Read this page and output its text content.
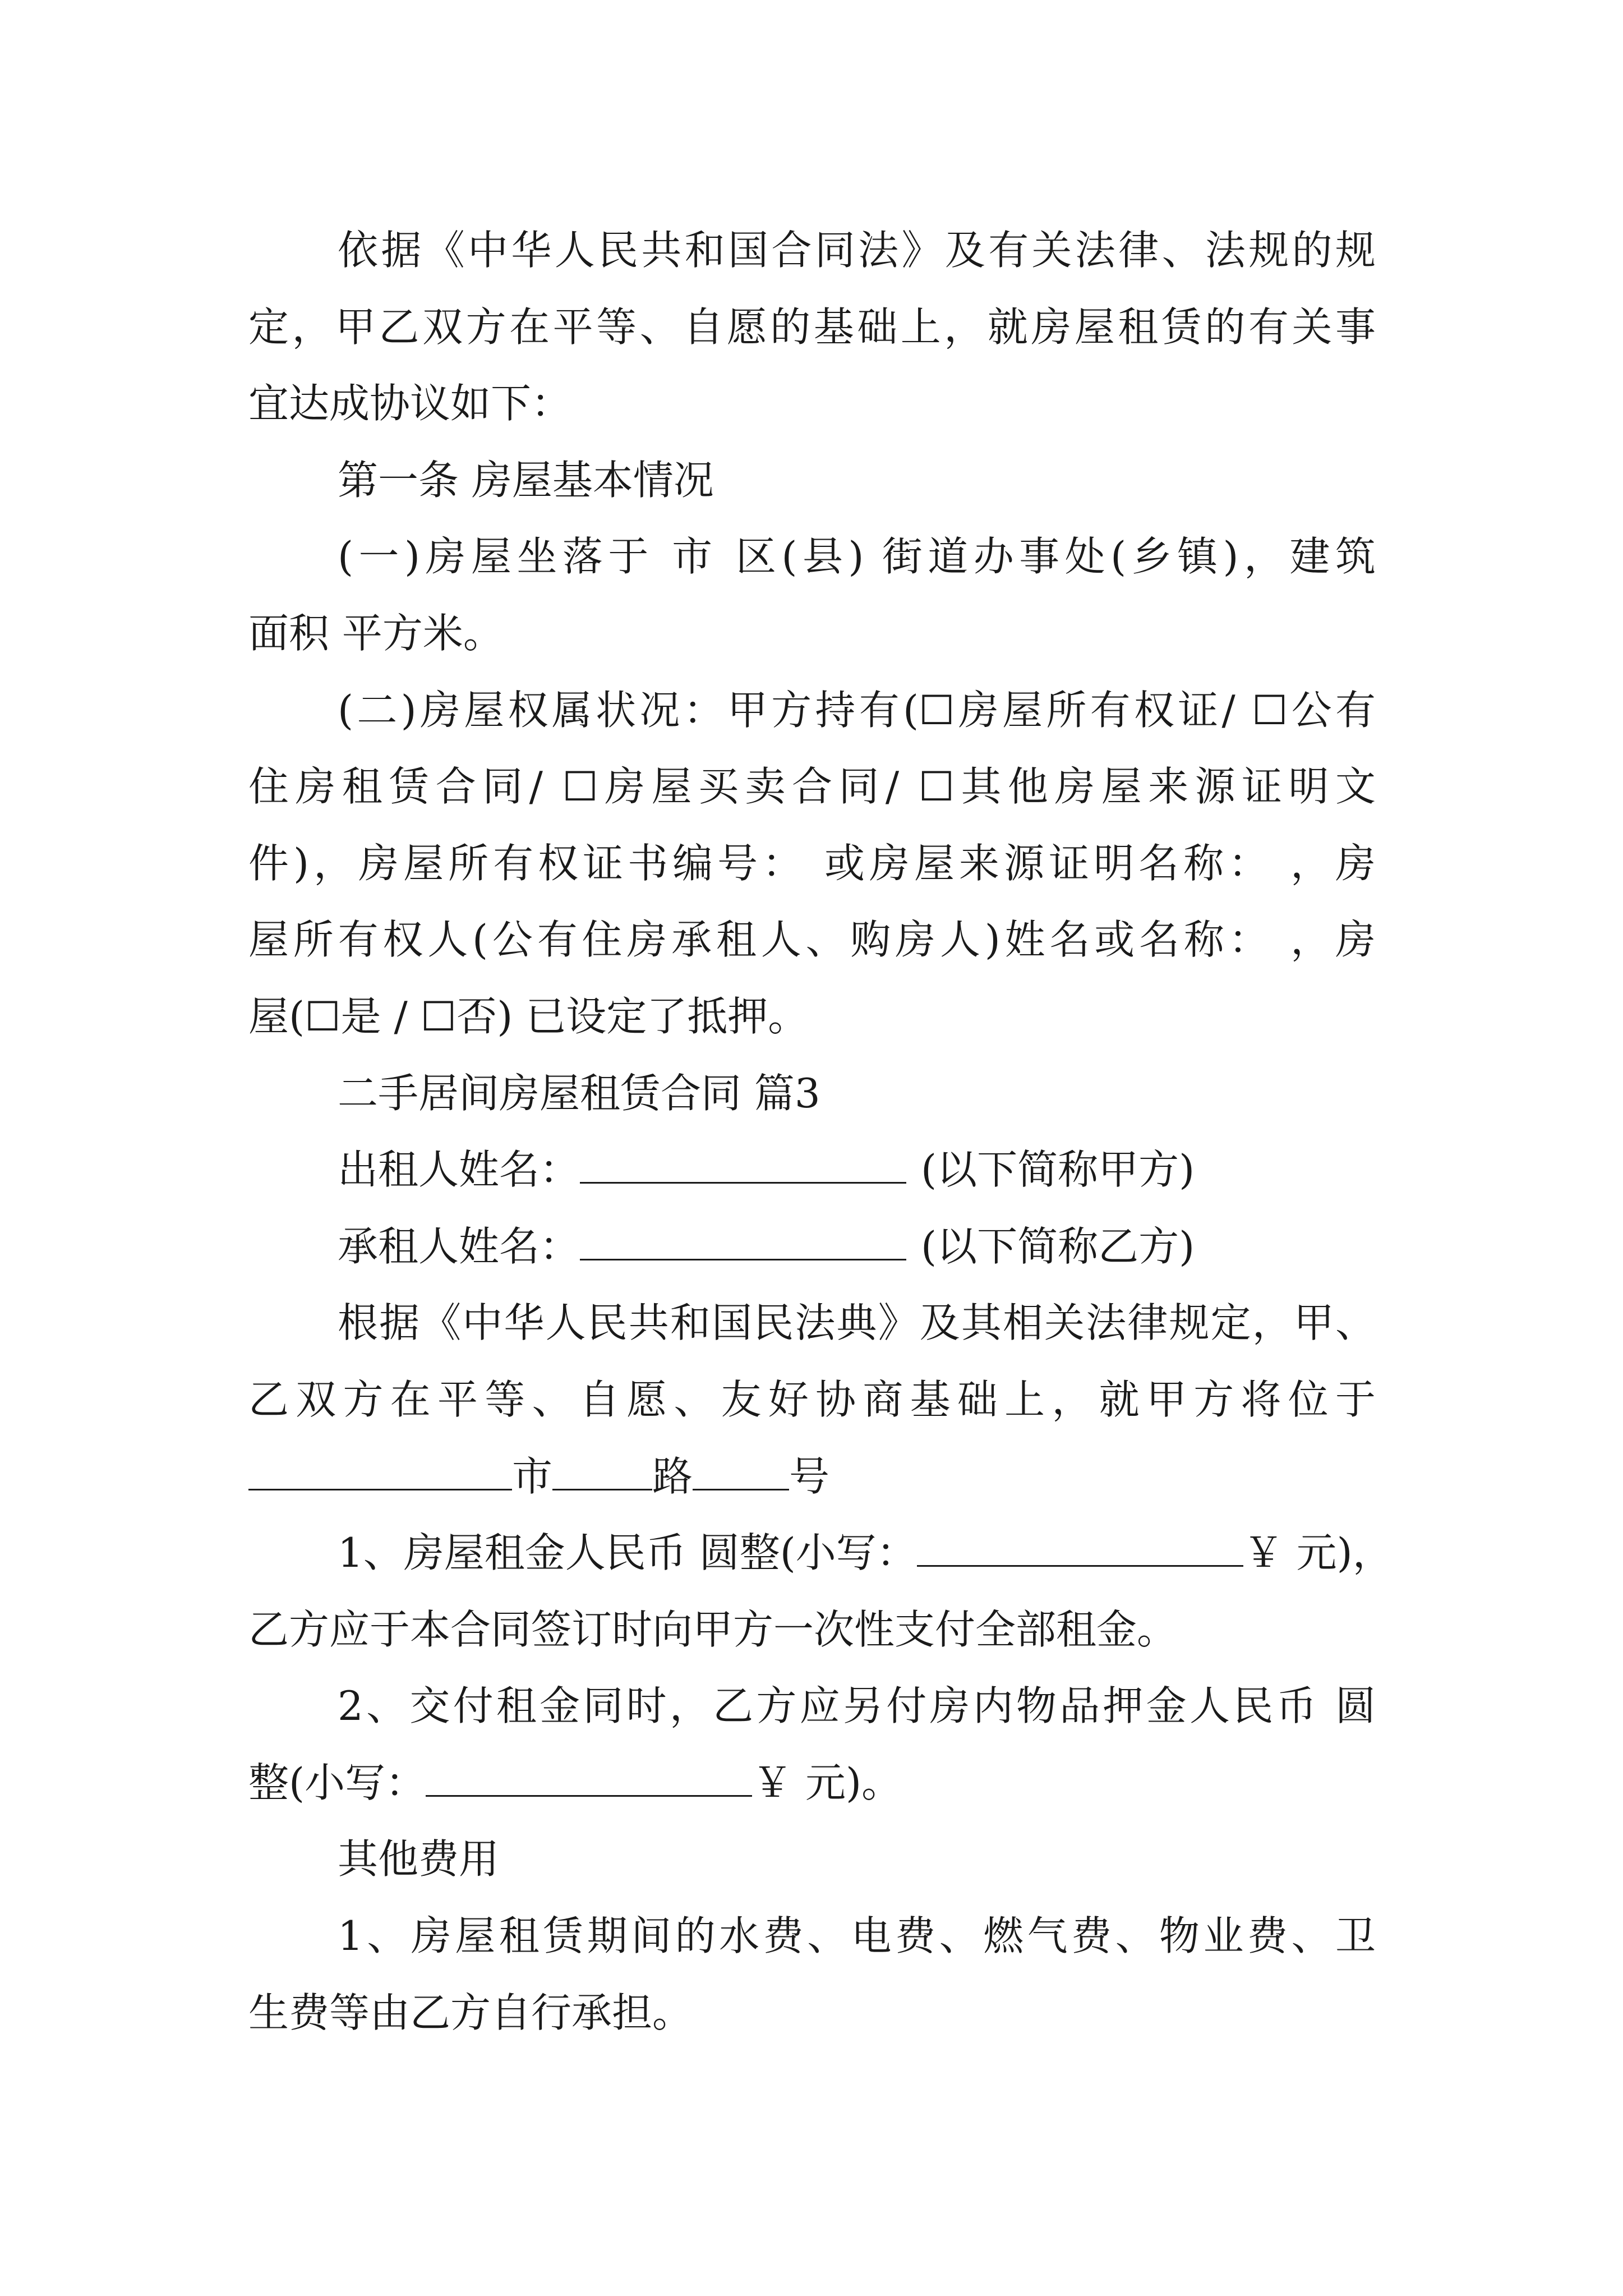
依据《中华人民共和国合同法》及有关法律、法规的规
定，甲乙双方在平等、自愿的基础上，就房屋租赁的有关事
宜达成协议如下：
第一条 房屋基本情况
(一)房屋坐落于 市 区(县) 街道办事处(乡镇)，建筑
面积 平方米。
(二)房屋权属状况：甲方持有(☐房屋所有权证/ ☐公有
住房租赁合同/ ☐房屋买卖合同/ ☐其他房屋来源证明文
件)，房屋所有权证书编号： 或房屋来源证明名称： ，房
屋所有权人(公有住房承租人、购房人)姓名或名称： ，房
屋(☐是 / ☐否) 已设定了抵押。
二手居间房屋租赁合同 篇3
出租人姓名：	(以下简称甲方)
承租人姓名：	(以下简称乙方)
根据《中华人民共和国民法典》及其相关法律规定，甲、
乙双方在平等、自愿、友好协商基础上，就甲方将位于
市 路 号
1、房屋租金人民币 圆整(小写：	￥ 元)，
乙方应于本合同签订时向甲方一次性支付全部租金。
2、交付租金同时，乙方应另付房内物品押金人民币 圆
整(小写：	￥ 元)。
其他费用
1、房屋租赁期间的水费、电费、燃气费、物业费、卫
生费等由乙方自行承担。
